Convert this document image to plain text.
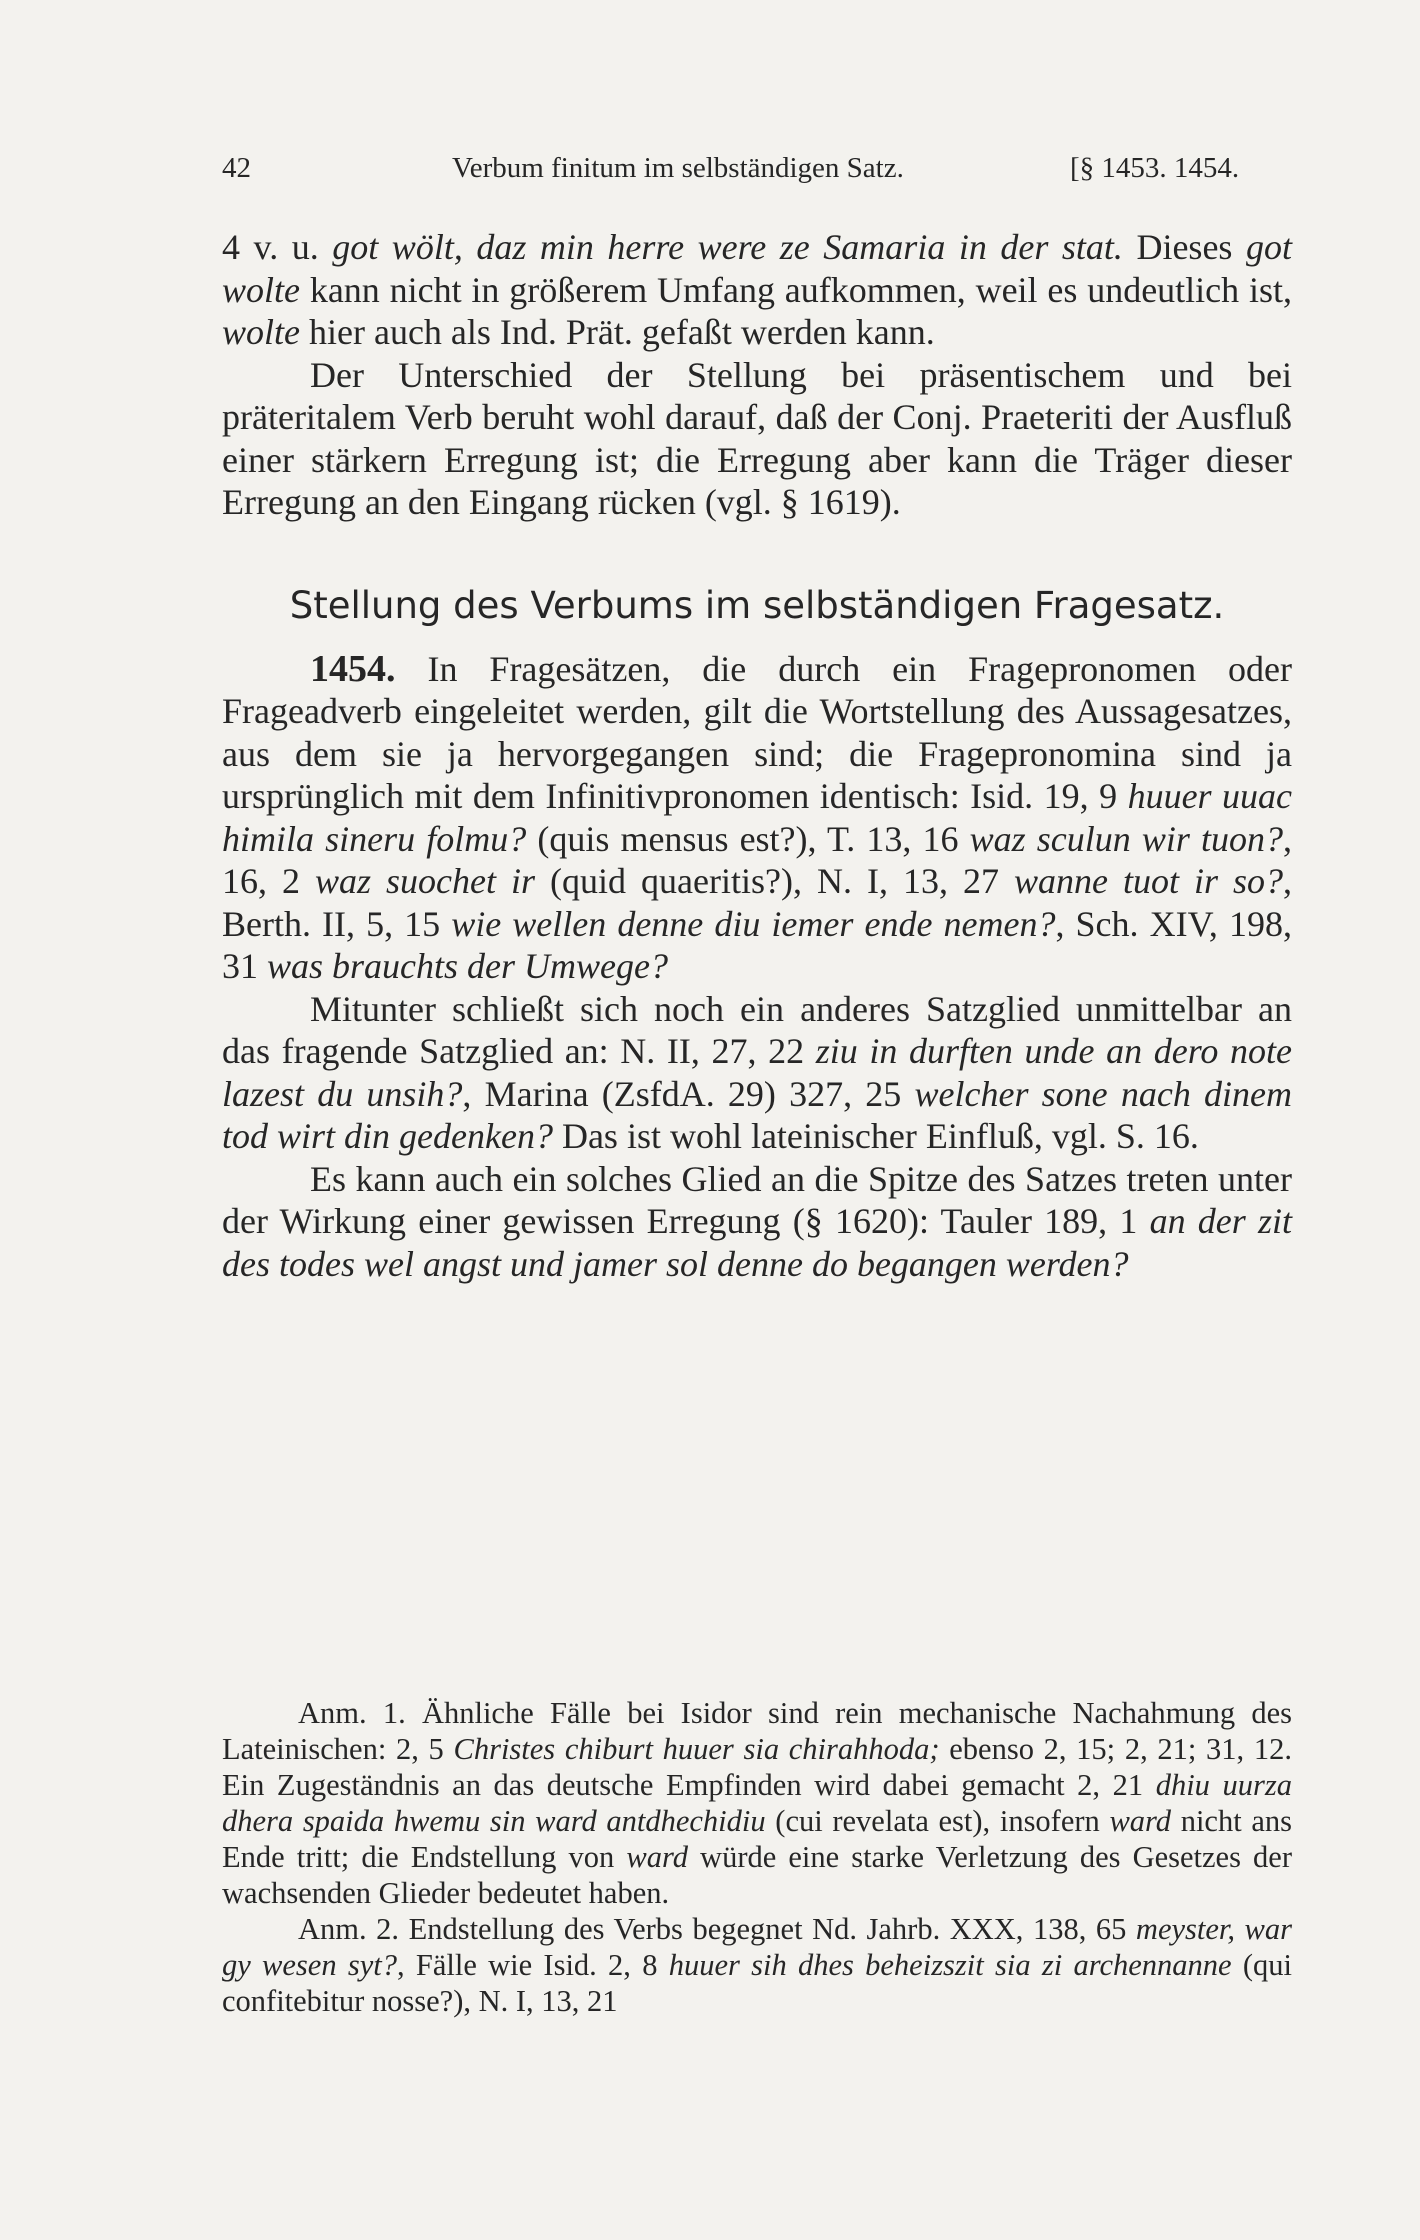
42	Verbum finitum im selbständigen Satz.	[§ 1453. 1454.

4 v. u. got wölt, daz min herre were ze Samaria in der stat. Dieses got wolte kann nicht in größerem Umfang aufkommen, weil es undeutlich ist, wolte hier auch als Ind. Prät. gefaßt werden kann.

Der Unterschied der Stellung bei präsentischem und bei präteritalem Verb beruht wohl darauf, daß der Conj. Praeteriti der Ausfluß einer stärkern Erregung ist; die Erregung aber kann die Träger dieser Erregung an den Eingang rücken (vgl. § 1619).

Stellung des Verbums im selbständigen Fragesatz.

1454. In Fragesätzen, die durch ein Fragepronomen oder Frageadverb eingeleitet werden, gilt die Wortstellung des Aussagesatzes, aus dem sie ja hervorgegangen sind; die Fragepronomina sind ja ursprünglich mit dem Infinitivpronomen identisch: Isid. 19, 9 huuer uuac himila sineru folmu? (quis mensus est?), T. 13, 16 waz sculun wir tuon?, 16, 2 waz suochet ir (quid quaeritis?), N. I, 13, 27 wanne tuot ir so?, Berth. II, 5, 15 wie wellen denne diu iemer ende nemen?, Sch. XIV, 198, 31 was brauchts der Umwege?

Mitunter schließt sich noch ein anderes Satzglied unmittelbar an das fragende Satzglied an: N. II, 27, 22 ziu in durften unde an dero note lazest du unsih?, Marina (ZsfdA. 29) 327, 25 welcher sone nach dinem tod wirt din gedenken? Das ist wohl lateinischer Einfluß, vgl. S. 16.

Es kann auch ein solches Glied an die Spitze des Satzes treten unter der Wirkung einer gewissen Erregung (§ 1620): Tauler 189, 1 an der zit des todes wel angst und jamer sol denne do begangen werden?

Anm. 1. Ähnliche Fälle bei Isidor sind rein mechanische Nachahmung des Lateinischen: 2, 5 Christes chiburt huuer sia chirahhoda; ebenso 2, 15; 2, 21; 31, 12. Ein Zugeständnis an das deutsche Empfinden wird dabei gemacht 2, 21 dhiu uurza dhera spaida hwemu sin ward antdhechidiu (cui revelata est), insofern ward nicht ans Ende tritt; die Endstellung von ward würde eine starke Verletzung des Gesetzes der wachsenden Glieder bedeutet haben.

Anm. 2. Endstellung des Verbs begegnet Nd. Jahrb. XXX, 138, 65 meyster, war gy wesen syt?, Fälle wie Isid. 2, 8 huuer sih dhes beheizszit sia zi archennanne (qui confitebitur nosse?), N. I, 13, 21
